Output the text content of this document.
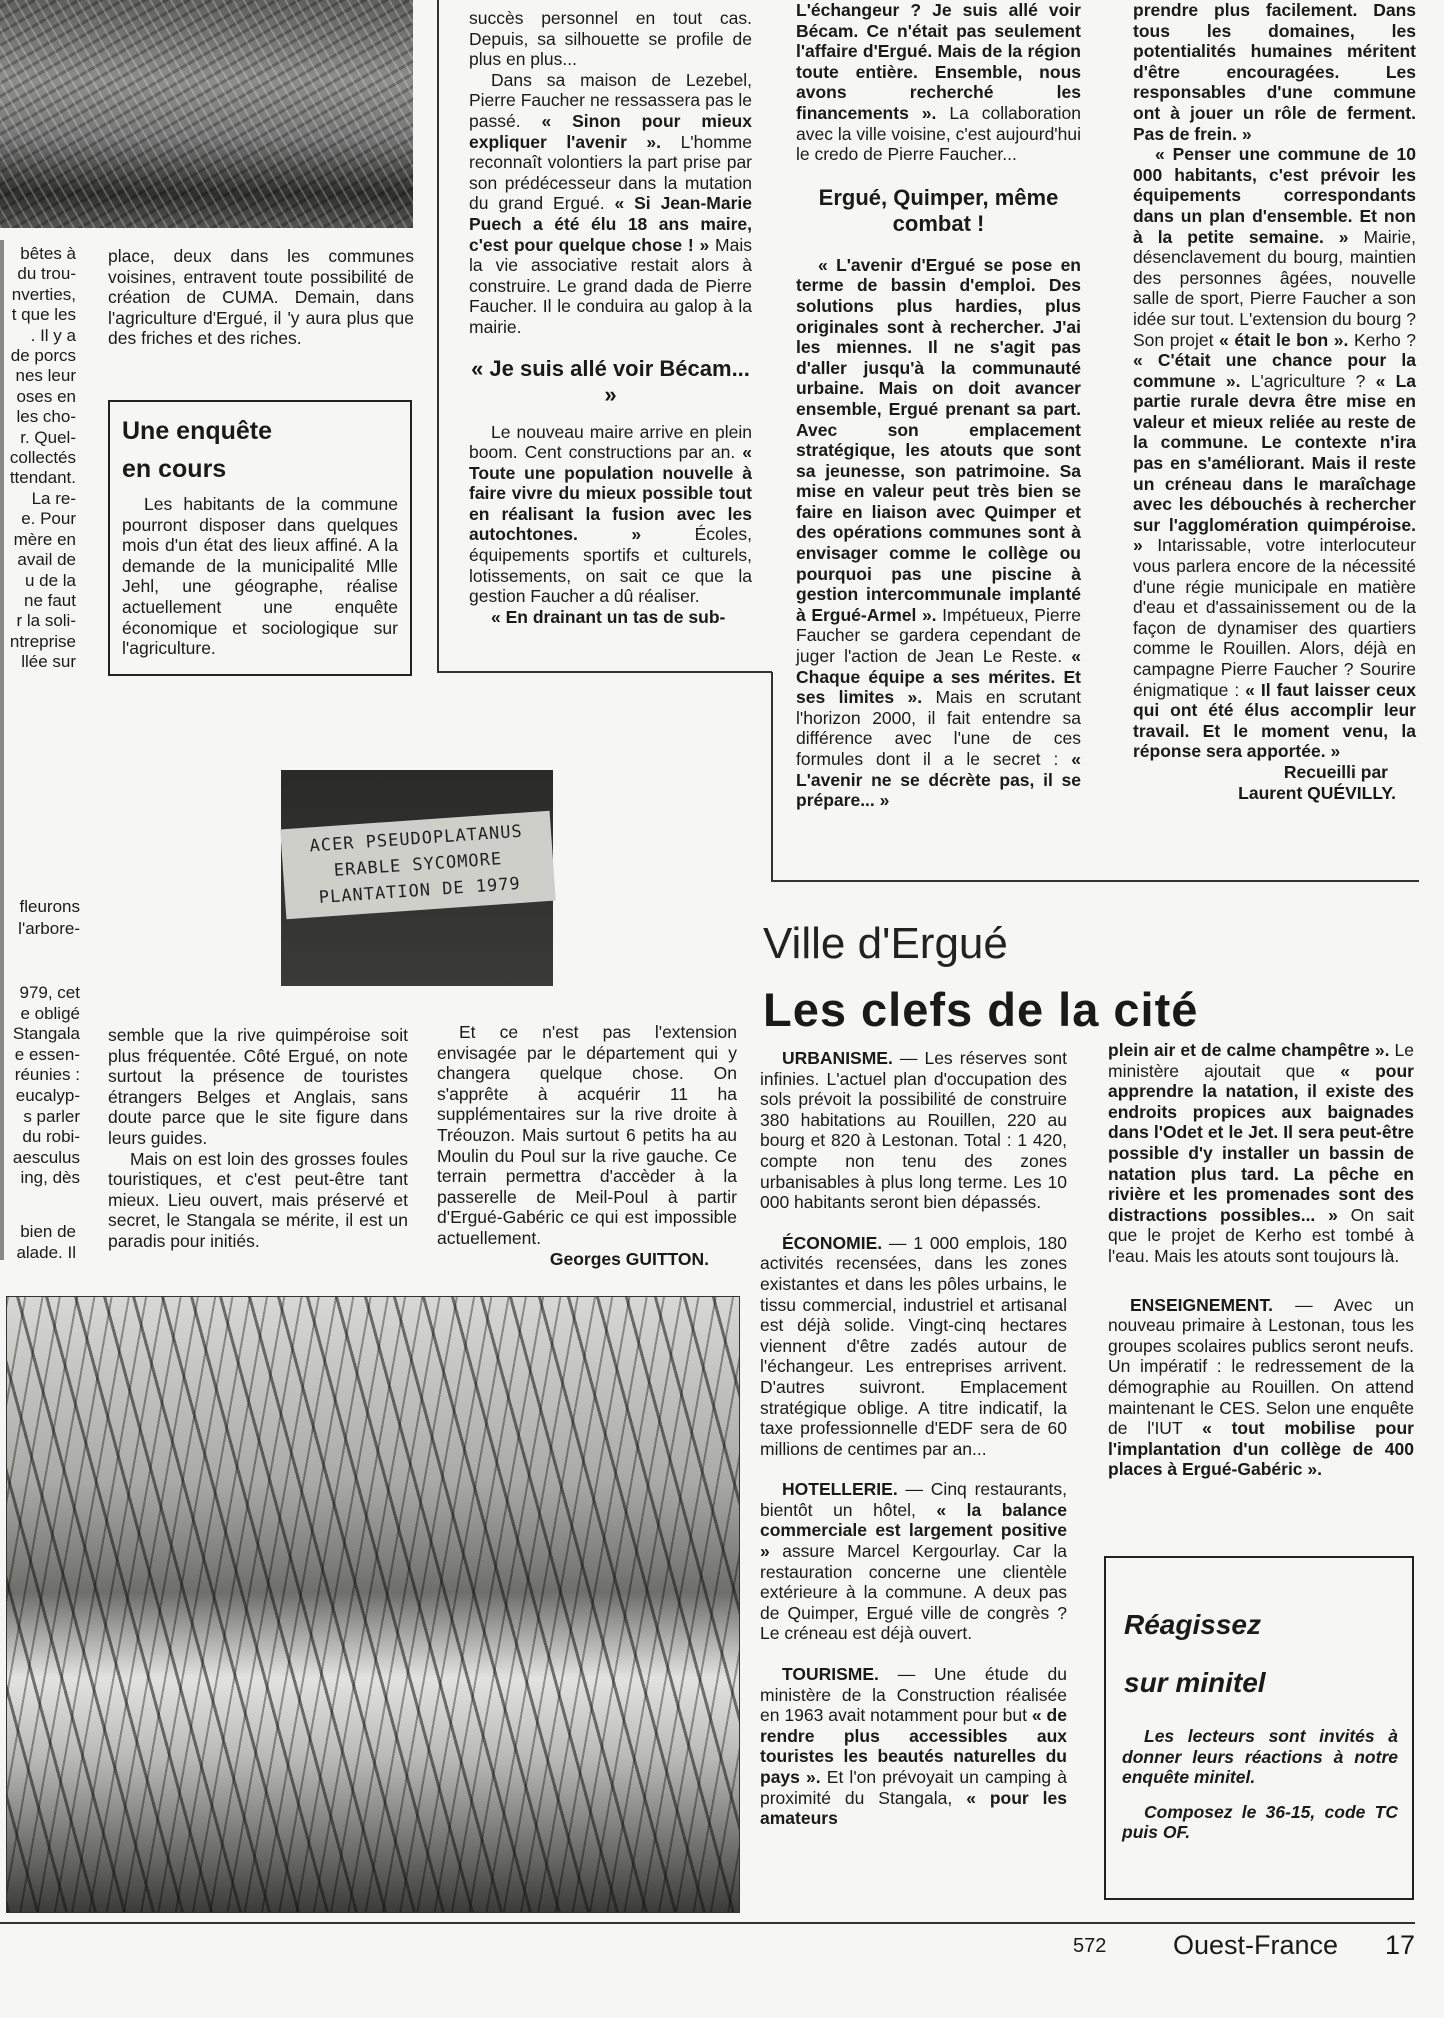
bêtes à
du trou-
nverties,
t que les
. Il y a
de porcs
nes leur
oses en
les cho-
r. Quel-
collectés
ttendant.
La re-
e. Pour
mère en
avail de
u de la
ne faut
r la soli-
ntreprise
llée sur
fleurons
l'arbore-
979, cet
e obligé
Stangala
e essen-
réunies :
eucalyp-
s parler
du robi-
aesculus
ing, dès
bien de
alade. Il

place, deux dans les communes voisines, entravent toute possibilité de création de CUMA. Demain, dans l'agriculture d'Ergué, il 'y aura plus que des friches et des riches.

Une enquête
en cours

Les habitants de la commune pourront disposer dans quelques mois d'un état des lieux affiné. A la demande de la municipalité Mlle Jehl, une géographe, réalise actuellement une enquête économique et sociologique sur l'agriculture.

succès personnel en tout cas. Depuis, sa silhouette se profile de plus en plus...

Dans sa maison de Lezebel, Pierre Faucher ne ressassera pas le passé. « Sinon pour mieux expliquer l'avenir ». L'homme reconnaît volontiers la part prise par son prédécesseur dans la mutation du grand Ergué. « Si Jean-Marie Puech a été élu 18 ans maire, c'est pour quelque chose ! » Mais la vie associative restait alors à construire. Le grand dada de Pierre Faucher. Il le conduira au galop à la mairie.

« Je suis allé voir Bécam... »

Le nouveau maire arrive en plein boom. Cent constructions par an. « Toute une population nouvelle à faire vivre du mieux possible tout en réalisant la fusion avec les autochtones. »	Écoles, équipements sportifs et culturels, lotissements, on sait ce que la gestion Faucher a dû réaliser.

« En drainant un tas de sub-

L'échangeur ? Je suis allé voir Bécam. Ce n'était pas seulement l'affaire d'Ergué. Mais de la région toute entière. Ensemble, nous avons recherché les financements ». La collaboration avec la ville voisine, c'est aujourd'hui le credo de Pierre Faucher...

Ergué, Quimper, même combat !

« L'avenir d'Ergué se pose en terme de bassin d'emploi. Des solutions plus hardies, plus originales sont à rechercher. J'ai les miennes. Il ne s'agit pas d'aller jusqu'à la communauté urbaine. Mais on doit avancer ensemble, Ergué prenant sa part. Avec son emplacement stratégique, les atouts que sont sa jeunesse, son patrimoine. Sa mise en valeur peut très bien se faire en liaison avec Quimper et des opérations communes sont à envisager comme le collège ou pourquoi pas une piscine à gestion intercommunale implanté à Ergué-Armel ». Impétueux, Pierre Faucher se gardera cependant de juger l'action de Jean Le Reste. « Chaque équipe a ses mérites. Et ses limites ». Mais en scrutant l'horizon 2000, il fait entendre sa différence avec l'une de ces formules dont il a le secret : « L'avenir ne se décrète pas, il se prépare... »

prendre plus facilement. Dans tous les domaines, les potentialités humaines méritent d'être encouragées. Les responsables d'une commune ont à jouer un rôle de ferment. Pas de frein. »

« Penser une commune de 10 000 habitants, c'est prévoir les équipements correspondants dans un plan d'ensemble. Et non à la petite semaine. » Mairie, désenclavement du bourg, maintien des personnes âgées, nouvelle salle de sport, Pierre Faucher a son idée sur tout. L'extension du bourg ? Son projet « était le bon ». Kerho ? « C'était une chance pour la commune ». L'agriculture ? « La partie rurale devra être mise en valeur et mieux reliée au reste de la commune. Le contexte n'ira pas en s'améliorant. Mais il reste un créneau dans le maraîchage avec les débouchés à rechercher sur l'agglomération quimpéroise. » Intarissable, votre interlocuteur vous parlera encore de la nécessité d'une régie municipale en matière d'eau et d'assainissement ou de la façon de dynamiser des quartiers comme le Rouillen. Alors, déjà en campagne Pierre Faucher ? Sourire énigmatique : « Il faut laisser ceux qui ont été élus accomplir leur travail. Et le moment venu, la réponse sera apportée. »

Recueilli par
Laurent QUÉVILLY.
ACER PSEUDOPLATANUS
ERABLE SYCOMORE
PLANTATION DE 1979

semble que la rive quimpéroise soit plus fréquentée. Côté Ergué, on note surtout la présence de touristes étrangers Belges et Anglais, sans doute parce que le site figure dans leurs guides.

Mais on est loin des grosses foules touristiques, et c'est peut-être tant mieux. Lieu ouvert, mais préservé et secret, le Stangala se mérite, il est un paradis pour initiés.

Et ce n'est pas l'extension envisagée par le département qui y changera quelque chose. On s'apprête à acquérir 11 ha supplémentaires sur la rive droite à Tréouzon. Mais surtout 6 petits ha au Moulin du Poul sur la rive gauche. Ce terrain permettra d'accèder à la passerelle de Meil-Poul à partir d'Ergué-Gabéric ce qui est impossible actuellement.

Georges GUITTON.
Ville d'Ergué
Les clefs de la cité

URBANISME. — Les réserves sont infinies. L'actuel plan d'occupation des sols prévoit la possibilité de construire 380 habitations au Rouillen, 220 au bourg et 820 à Lestonan. Total : 1 420, compte non tenu des zones urbanisables à plus long terme. Les 10 000 habitants seront bien dépassés.

ÉCONOMIE. — 1 000 emplois, 180 activités recensées, dans les zones existantes et dans les pôles urbains, le tissu commercial, industriel et artisanal est déjà solide. Vingt-cinq hectares viennent d'être zadés autour de l'échangeur. Les entreprises arrivent. D'autres suivront. Emplacement stratégique oblige. A titre indicatif, la taxe professionnelle d'EDF sera de 60 millions de centimes par an...

HOTELLERIE. — Cinq restaurants, bientôt un hôtel, « la balance commerciale est largement positive » assure Marcel Kergourlay. Car la restauration concerne une clientèle extérieure à la commune. A deux pas de Quimper, Ergué ville de congrès ? Le créneau est déjà ouvert.

TOURISME. — Une étude du ministère de la Construction réalisée en 1963 avait notamment pour but « de rendre plus accessibles aux touristes les beautés naturelles du pays ». Et l'on prévoyait un camping à proximité du Stangala, « pour les amateurs

plein air et de calme champêtre ». Le ministère ajoutait que « pour apprendre la natation, il existe des endroits propices aux baignades dans l'Odet et le Jet. Il sera peut-être possible d'y installer un bassin de natation plus tard. La pêche en rivière et les promenades sont des distractions possibles... » On sait que le projet de Kerho est tombé à l'eau. Mais les atouts sont toujours là.

ENSEIGNEMENT. — Avec un nouveau primaire à Lestonan, tous les groupes scolaires publics seront neufs. Un impératif : le redressement de la démographie au Rouillen. On attend maintenant le CES. Selon une enquête de l'IUT « tout mobilise pour l'implantation d'un collège de 400 places à Ergué-Gabéric ».

Réagissez
sur minitel

Les lecteurs sont invités à donner leurs réactions à notre enquête minitel.

Composez le 36-15, code TC puis OF.

572 Ouest-France 17
